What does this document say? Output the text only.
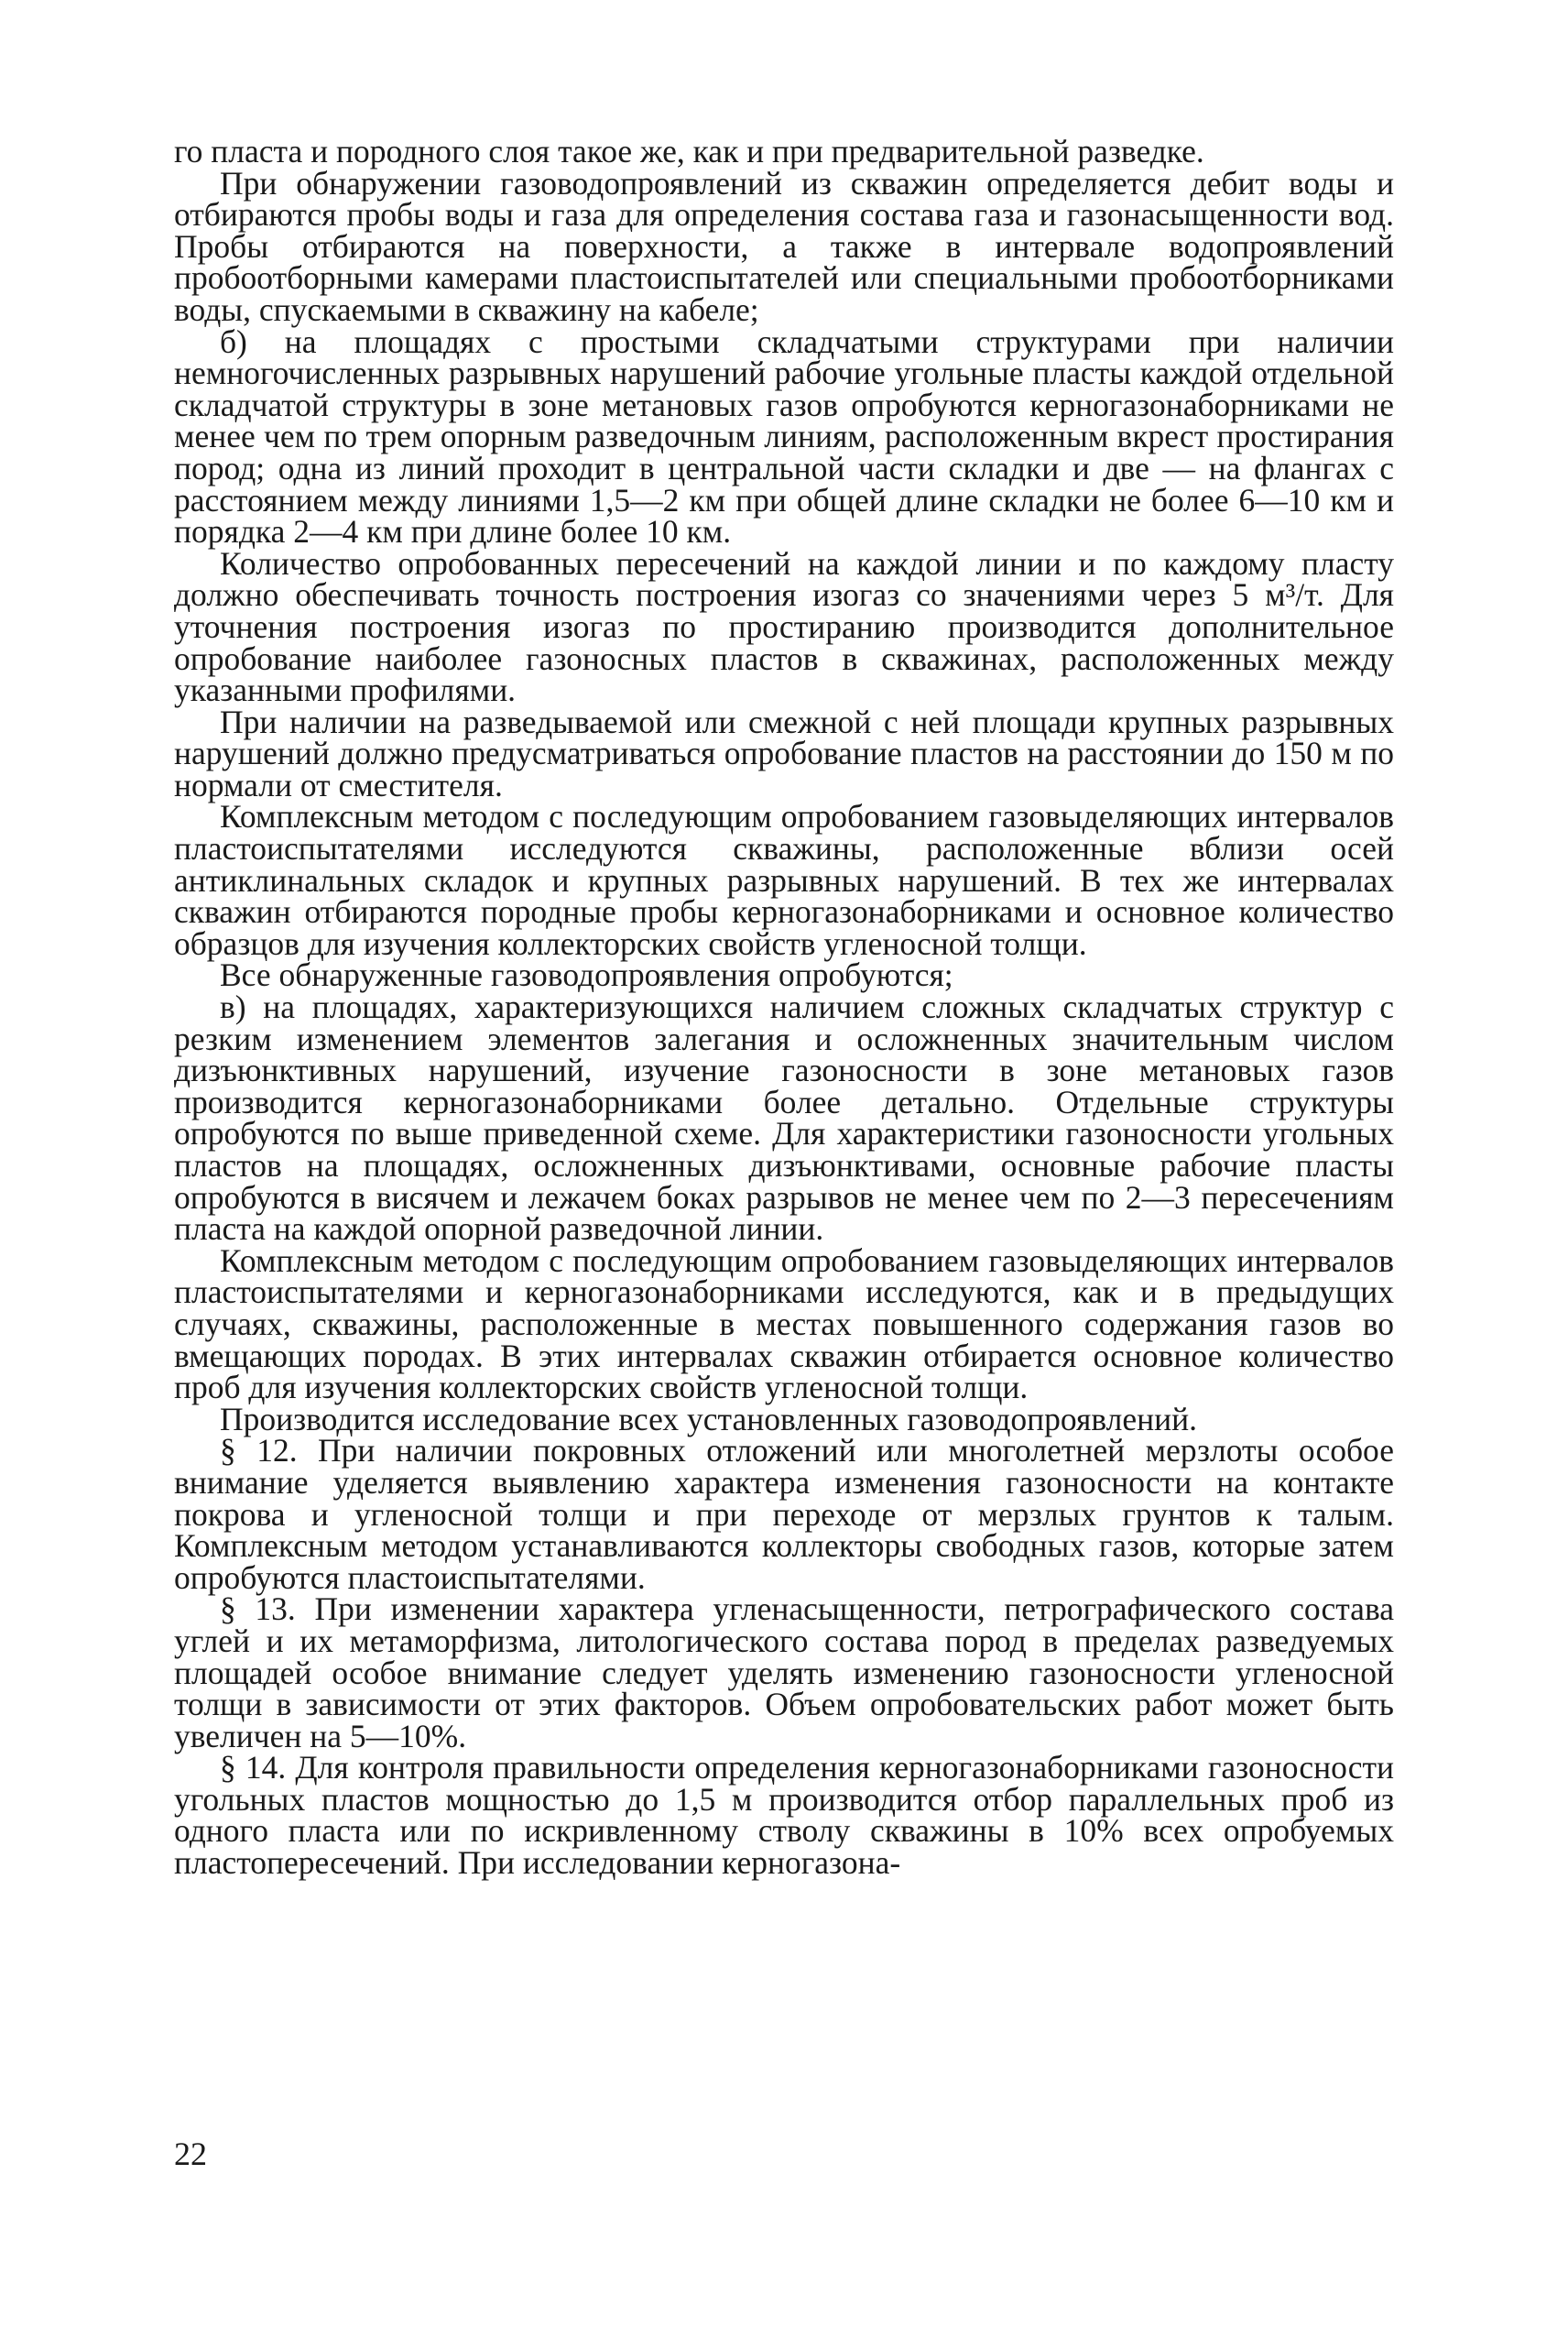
го пласта и породного слоя такое же, как и при предварительной разведке.

При обнаружении газоводопроявлений из скважин определяется дебит воды и отбираются пробы воды и газа для определения состава газа и газонасыщенности вод. Пробы отбираются на поверхности, а также в интервале водопроявлений пробоотборными камерами пластоиспытателей или специальными пробоотборниками воды, спускаемыми в скважину на кабеле;

б) на площадях с простыми складчатыми структурами при наличии немногочисленных разрывных нарушений рабочие угольные пласты каждой отдельной складчатой структуры в зоне метановых газов опробуются керногазонаборниками не менее чем по трем опорным разведочным линиям, расположенным вкрест простирания пород; одна из линий проходит в центральной части складки и две — на флангах с расстоянием между линиями 1,5—2 км при общей длине складки не более 6—10 км и порядка 2—4 км при длине более 10 км.

Количество опробованных пересечений на каждой линии и по каждому пласту должно обеспечивать точность построения изогаз со значениями через 5 м³/т. Для уточнения построения изогаз по простиранию производится дополнительное опробование наиболее газоносных пластов в скважинах, расположенных между указанными профилями.

При наличии на разведываемой или смежной с ней площади крупных разрывных нарушений должно предусматриваться опробование пластов на расстоянии до 150 м по нормали от сместителя.

Комплексным методом с последующим опробованием газовыделяющих интервалов пластоиспытателями исследуются скважины, расположенные вблизи осей антиклинальных складок и крупных разрывных нарушений. В тех же интервалах скважин отбираются породные пробы керногазонаборниками и основное количество образцов для изучения коллекторских свойств угленосной толщи.

Все обнаруженные газоводопроявления опробуются;

в) на площадях, характеризующихся наличием сложных складчатых структур с резким изменением элементов залегания и осложненных значительным числом дизъюнктивных нарушений, изучение газоносности в зоне метановых газов производится керногазонаборниками более детально. Отдельные структуры опробуются по выше приведенной схеме. Для характеристики газоносности угольных пластов на площадях, осложненных дизъюнктивами, основные рабочие пласты опробуются в висячем и лежачем боках разрывов не менее чем по 2—3 пересечениям пласта на каждой опорной разведочной линии.

Комплексным методом с последующим опробованием газовыделяющих интервалов пластоиспытателями и керногазонаборниками исследуются, как и в предыдущих случаях, скважины, расположенные в местах повышенного содержания газов во вмещающих породах. В этих интервалах скважин отбирается основное количество проб для изучения коллекторских свойств угленосной толщи.

Производится исследование всех установленных газоводопроявлений.

§ 12. При наличии покровных отложений или многолетней мерзлоты особое внимание уделяется выявлению характера изменения газоносности на контакте покрова и угленосной толщи и при переходе от мерзлых грунтов к талым. Комплексным методом устанавливаются коллекторы свободных газов, которые затем опробуются пластоиспытателями.

§ 13. При изменении характера угленасыщенности, петрографического состава углей и их метаморфизма, литологического состава пород в пределах разведуемых площадей особое внимание следует уделять изменению газоносности угленосной толщи в зависимости от этих факторов. Объем опробовательских работ может быть увеличен на 5—10%.

§ 14. Для контроля правильности определения керногазонаборниками газоносности угольных пластов мощностью до 1,5 м производится отбор параллельных проб из одного пласта или по искривленному стволу скважины в 10% всех опробуемых пластопересечений. При исследовании керногазона-

22
